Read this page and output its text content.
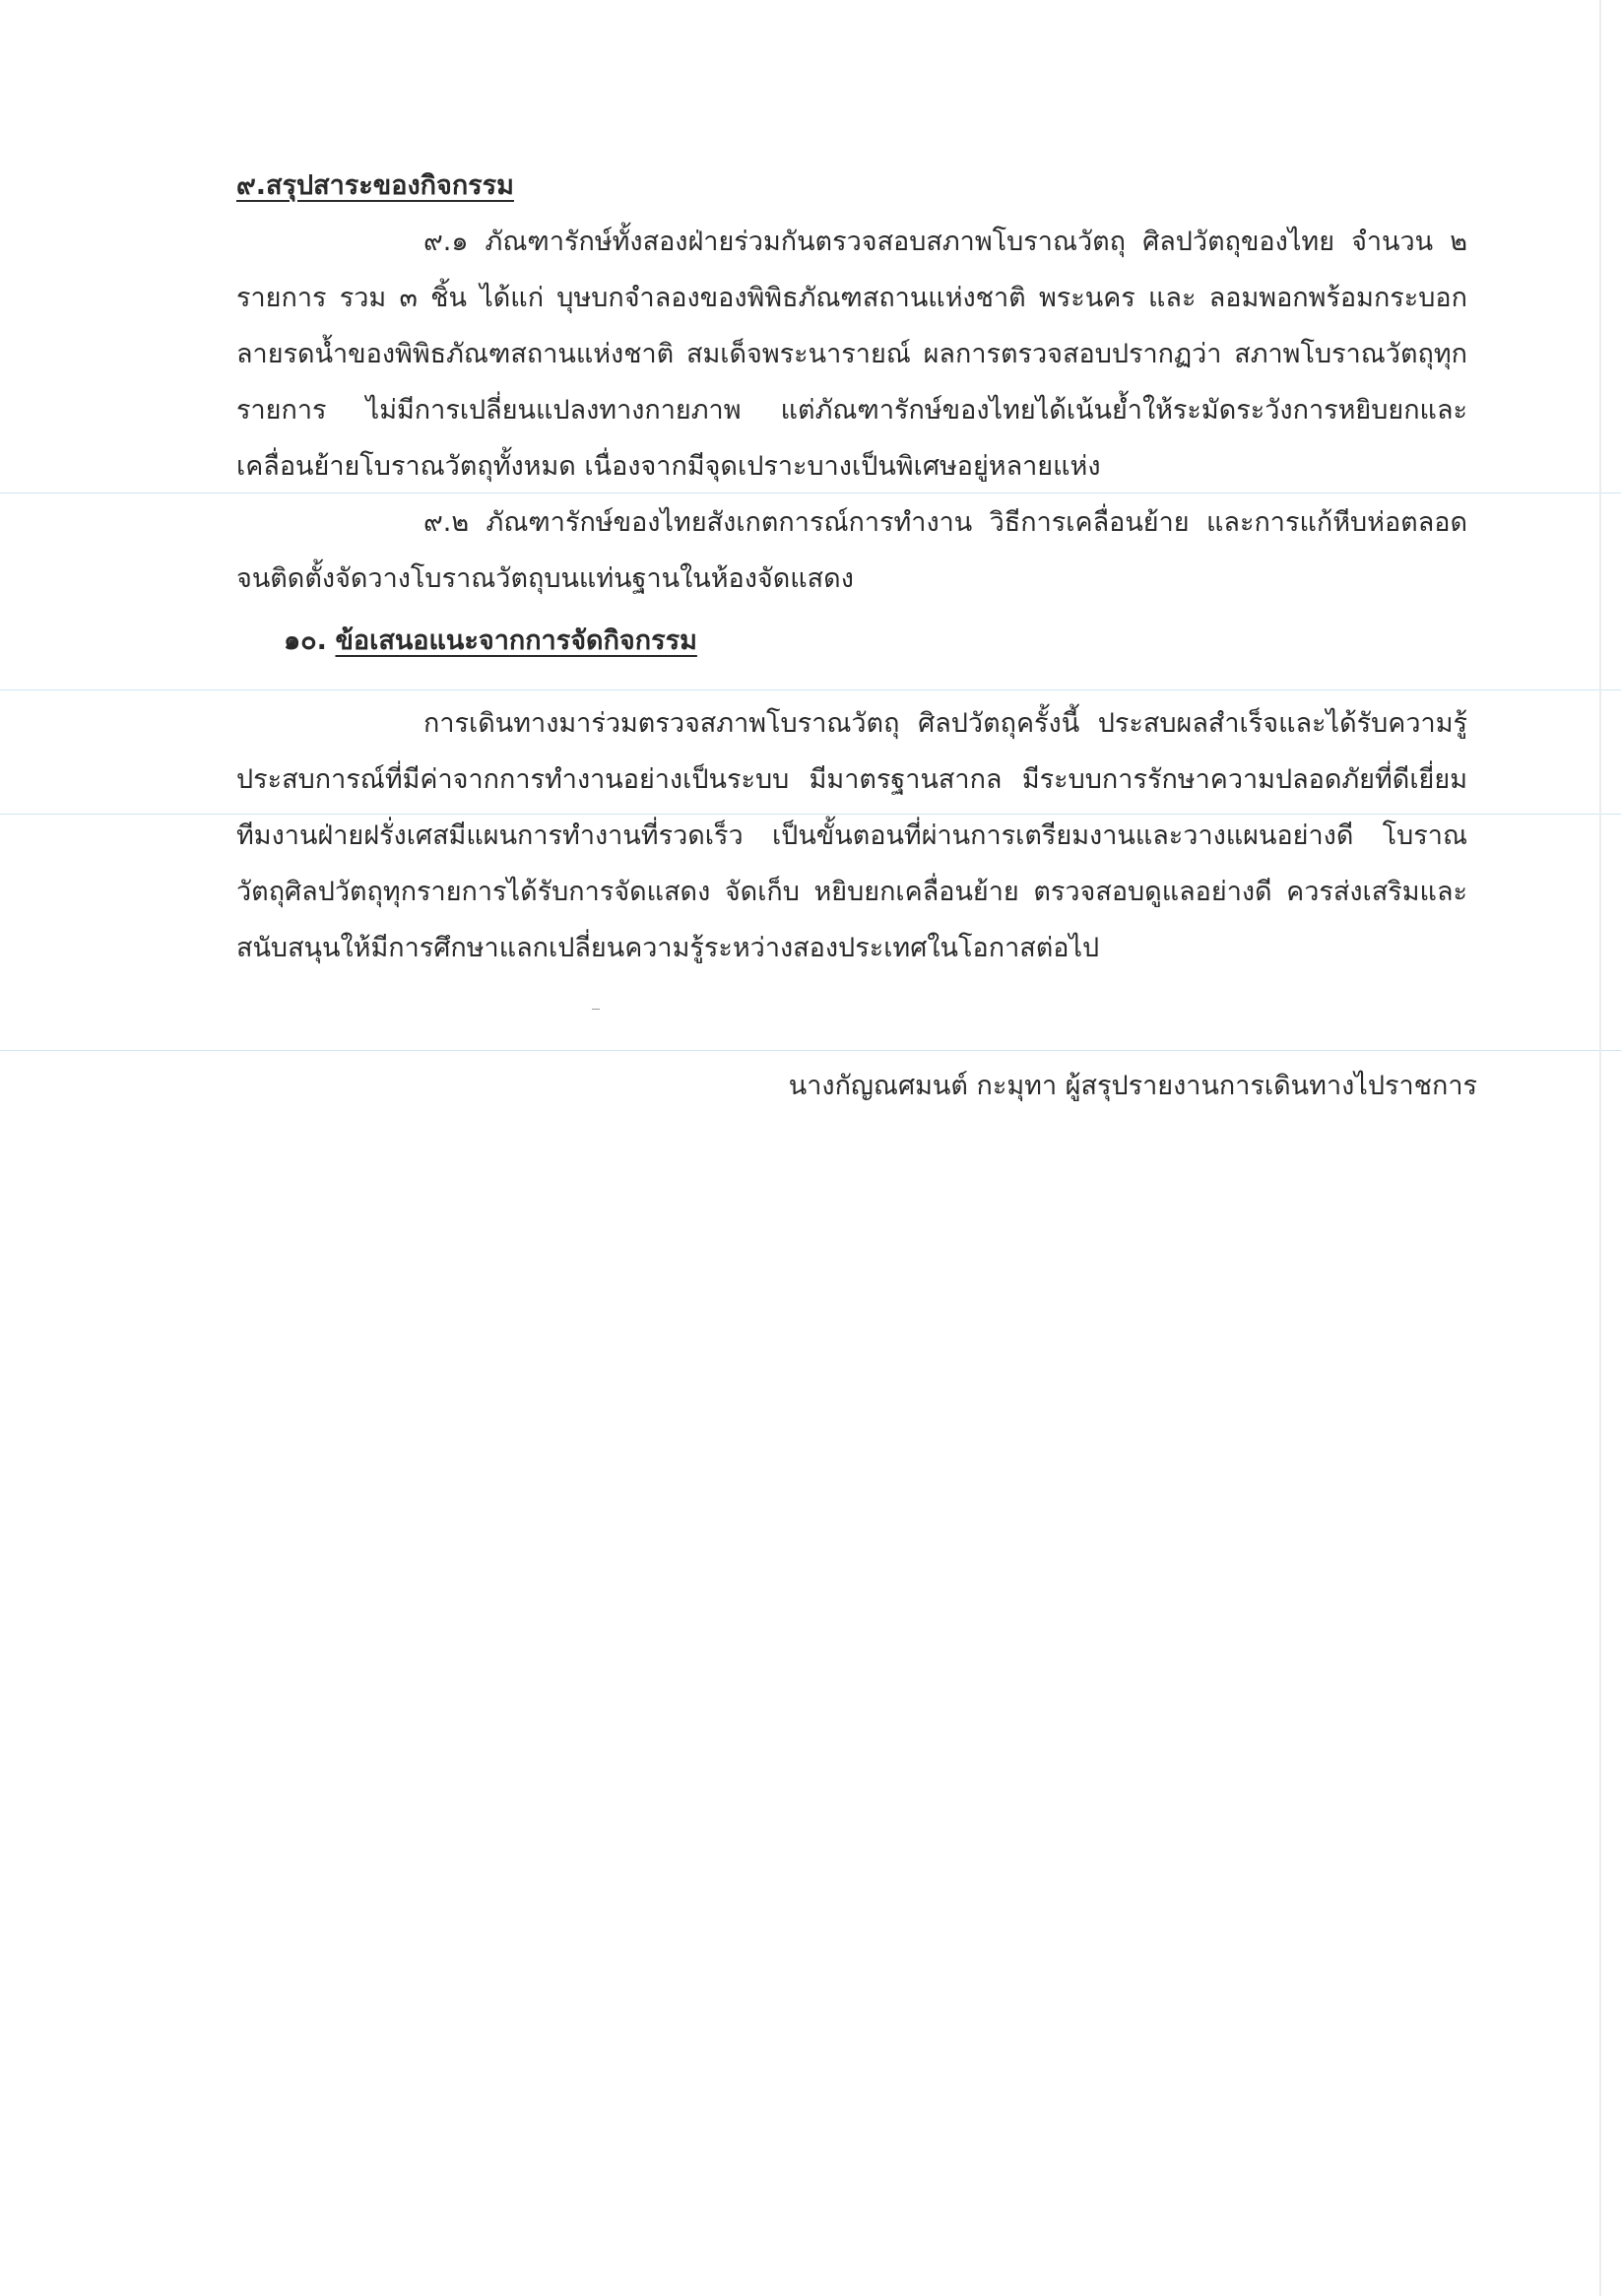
๙.สรุปสาระของกิจกรรม

๙.๑ ภัณฑารักษ์ทั้งสองฝ่ายร่วมกันตรวจสอบสภาพโบราณวัตถุ ศิลปวัตถุของไทย จำนวน ๒ รายการ รวม ๓ ชิ้น ได้แก่ บุษบกจำลองของพิพิธภัณฑสถานแห่งชาติ พระนคร และ ลอมพอกพร้อมกระบอกลายรดน้ำของพิพิธภัณฑสถานแห่งชาติ สมเด็จพระนารายณ์ ผลการตรวจสอบปรากฏว่า สภาพโบราณวัตถุทุกรายการ ไม่มีการเปลี่ยนแปลงทางกายภาพ แต่ภัณฑารักษ์ของไทยได้เน้นย้ำให้ระมัดระวังการหยิบยกและเคลื่อนย้ายโบราณวัตถุทั้งหมด เนื่องจากมีจุดเปราะบางเป็นพิเศษอยู่หลายแห่ง

๙.๒ ภัณฑารักษ์ของไทยสังเกตการณ์การทำงาน วิธีการเคลื่อนย้าย และการแก้หีบห่อตลอดจนติดตั้งจัดวางโบราณวัตถุบนแท่นฐานในห้องจัดแสดง

๑๐. ข้อเสนอแนะจากการจัดกิจกรรม

การเดินทางมาร่วมตรวจสภาพโบราณวัตถุ ศิลปวัตถุครั้งนี้ ประสบผลสำเร็จและได้รับความรู้ประสบการณ์ที่มีค่าจากการทำงานอย่างเป็นระบบ มีมาตรฐานสากล มีระบบการรักษาความปลอดภัยที่ดีเยี่ยม ทีมงานฝ่ายฝรั่งเศสมีแผนการทำงานที่รวดเร็ว เป็นขั้นตอนที่ผ่านการเตรียมงานและวางแผนอย่างดี โบราณวัตถุศิลปวัตถุทุกรายการได้รับการจัดแสดง จัดเก็บ หยิบยกเคลื่อนย้าย ตรวจสอบดูแลอย่างดี ควรส่งเสริมและสนับสนุนให้มีการศึกษาแลกเปลี่ยนความรู้ระหว่างสองประเทศในโอกาสต่อไป

นางกัญณศมนต์ กะมุทา ผู้สรุปรายงานการเดินทางไปราชการ
